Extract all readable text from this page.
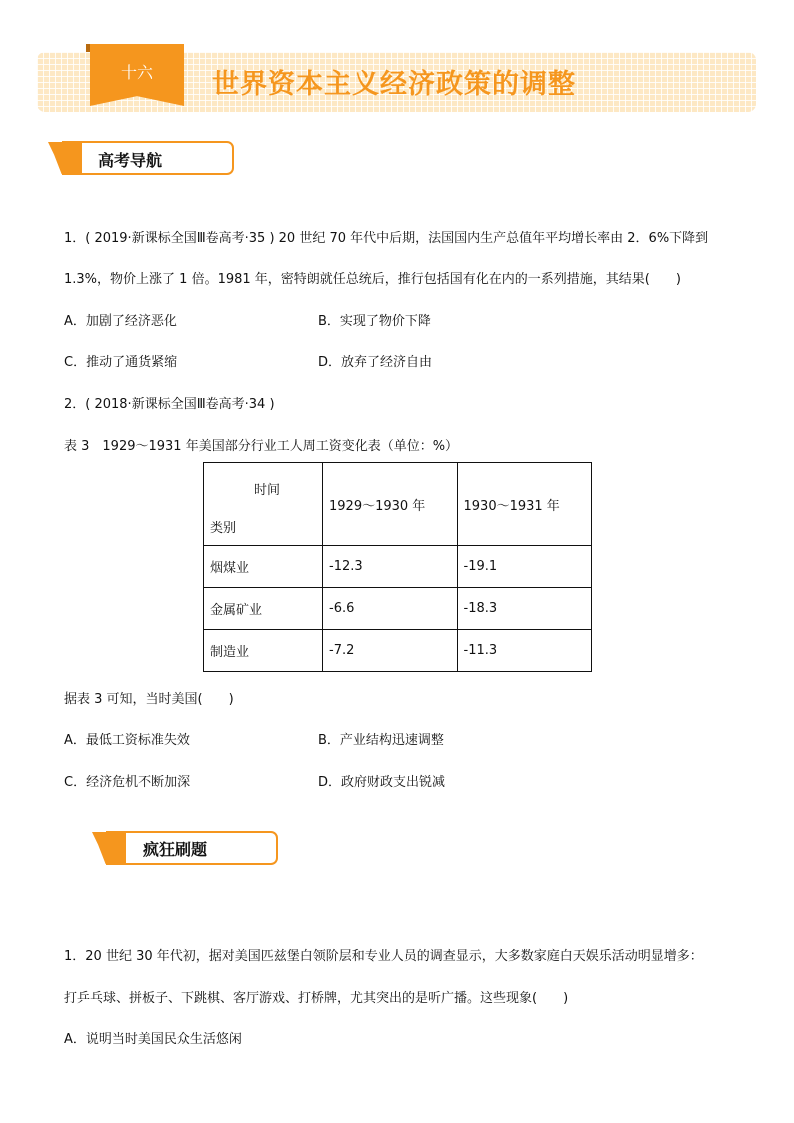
十六	世界资本主义经济政策的调整
高考导航
1．( 2019·新课标全国Ⅲ卷高考·35 ) 20 世纪 70 年代中后期，法国国内生产总值年平均增长率由 2．6%下降到
1.3%，物价上涨了 1 倍。1981 年，密特朗就任总统后，推行包括国有化在内的一系列措施，其结果(　　)
A．加剧了经济恶化	B．实现了物价下降
C．推动了通货紧缩	D．放弃了经济自由
2．( 2018·新课标全国Ⅲ卷高考·34 )
表 3　1929～1931 年美国部分行业工人周工资变化表（单位：%）
时间
类别	1929～1930 年	1930～1931 年
烟煤业	-12.3	-19.1
金属矿业	-6.6	-18.3
制造业	-7.2	-11.3
据表 3 可知，当时美国(　　)
A．最低工资标准失效	B．产业结构迅速调整
C．经济危机不断加深	D．政府财政支出锐减
疯狂刷题
1．20 世纪 30 年代初，据对美国匹兹堡白领阶层和专业人员的调查显示，大多数家庭白天娱乐活动明显增多：
打乒乓球、拼板子、下跳棋、客厅游戏、打桥牌，尤其突出的是听广播。这些现象(　　)
A．说明当时美国民众生活悠闲
